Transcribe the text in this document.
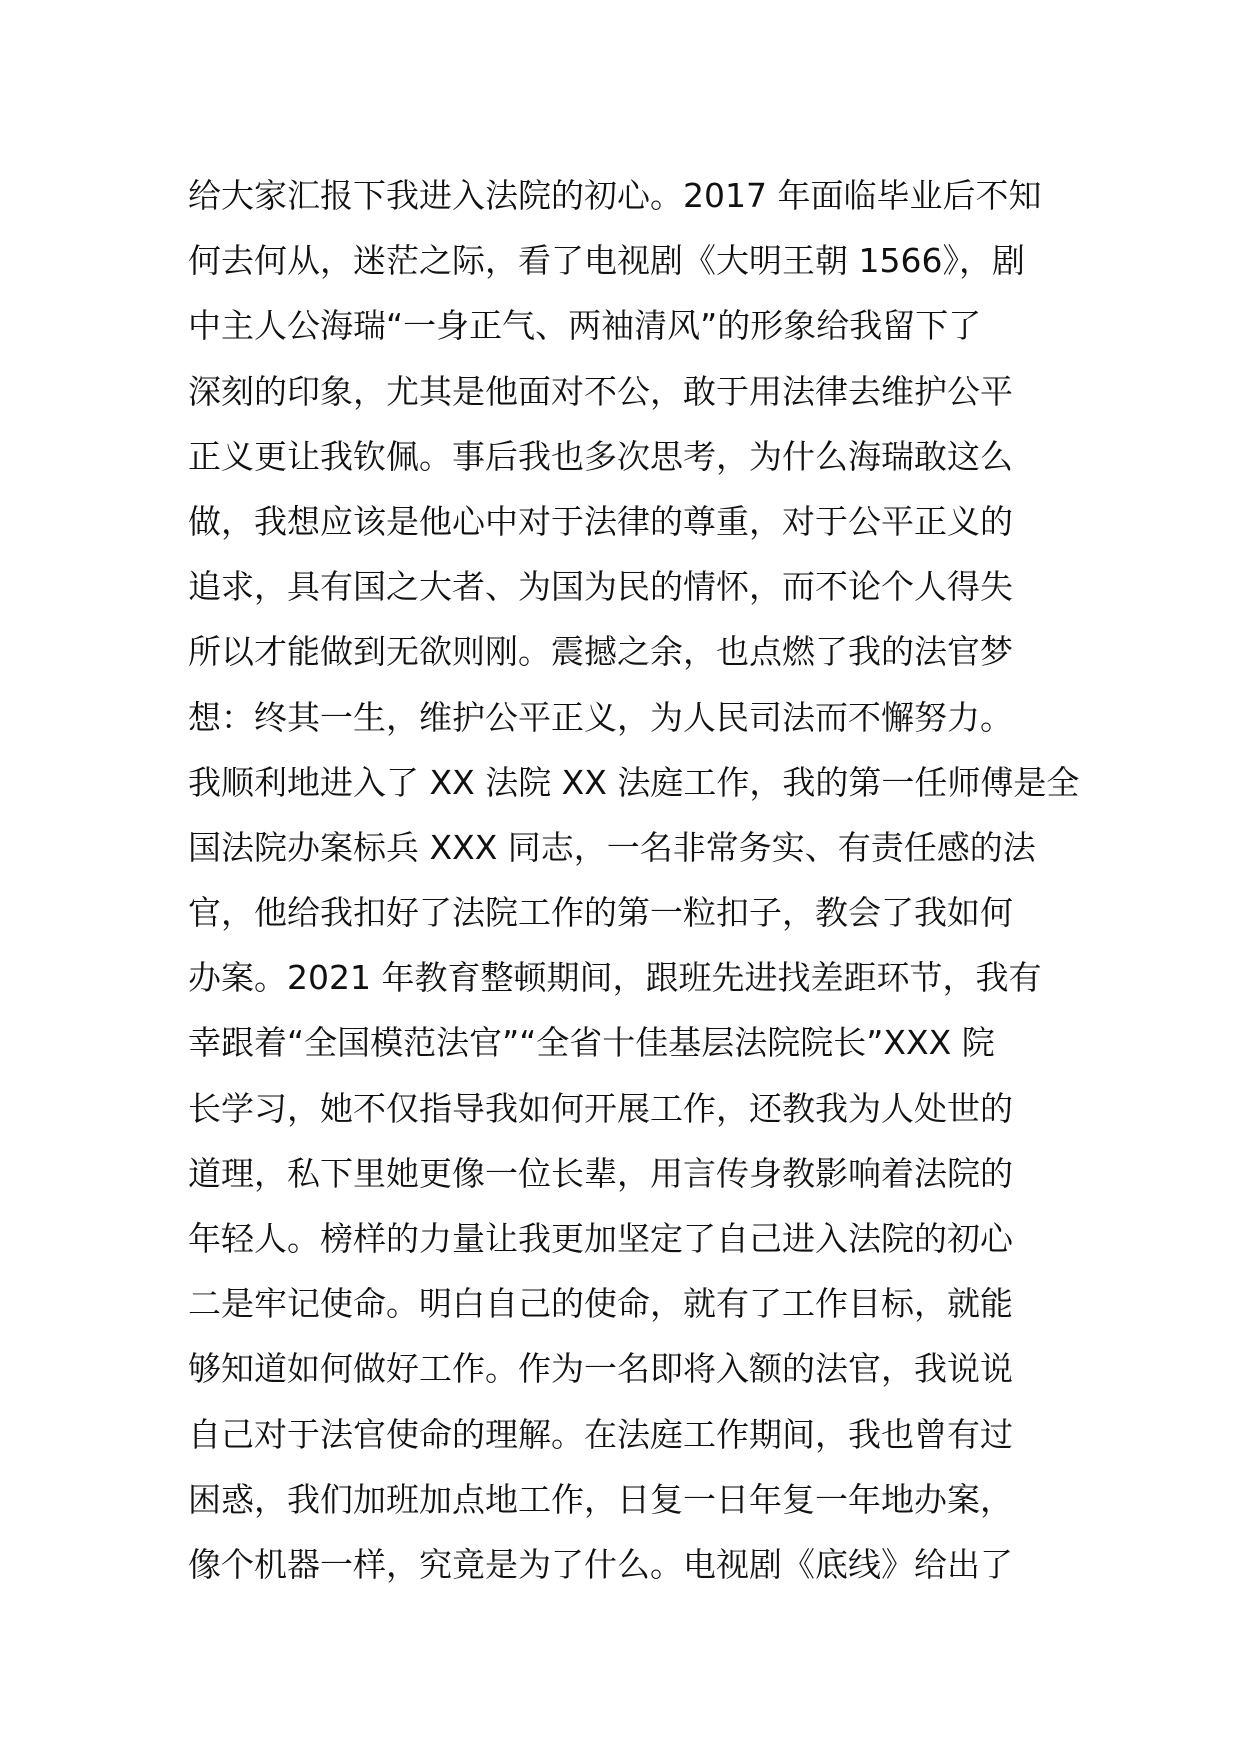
给大家汇报下我进入法院的初心。2017 年面临毕业后不知
何去何从，迷茫之际，看了电视剧《大明王朝 1566》，剧
中主人公海瑞“一身正气、两袖清风”的形象给我留下了
深刻的印象，尤其是他面对不公，敢于用法律去维护公平
正义更让我钦佩。事后我也多次思考，为什么海瑞敢这么
做，我想应该是他心中对于法律的尊重，对于公平正义的
追求，具有国之大者、为国为民的情怀，而不论个人得失
所以才能做到无欲则刚。震撼之余，也点燃了我的法官梦
想：终其一生，维护公平正义，为人民司法而不懈努力。
我顺利地进入了 XX 法院 XX 法庭工作，我的第一任师傅是全
国法院办案标兵 XXX 同志，一名非常务实、有责任感的法
官，他给我扣好了法院工作的第一粒扣子，教会了我如何
办案。2021 年教育整顿期间，跟班先进找差距环节，我有
幸跟着“全国模范法官”“全省十佳基层法院院长”XXX 院
长学习，她不仅指导我如何开展工作，还教我为人处世的
道理，私下里她更像一位长辈，用言传身教影响着法院的
年轻人。榜样的力量让我更加坚定了自己进入法院的初心
二是牢记使命。明白自己的使命，就有了工作目标，就能
够知道如何做好工作。作为一名即将入额的法官，我说说
自己对于法官使命的理解。在法庭工作期间，我也曾有过
困惑，我们加班加点地工作，日复一日年复一年地办案，
像个机器一样，究竟是为了什么。电视剧《底线》给出了
